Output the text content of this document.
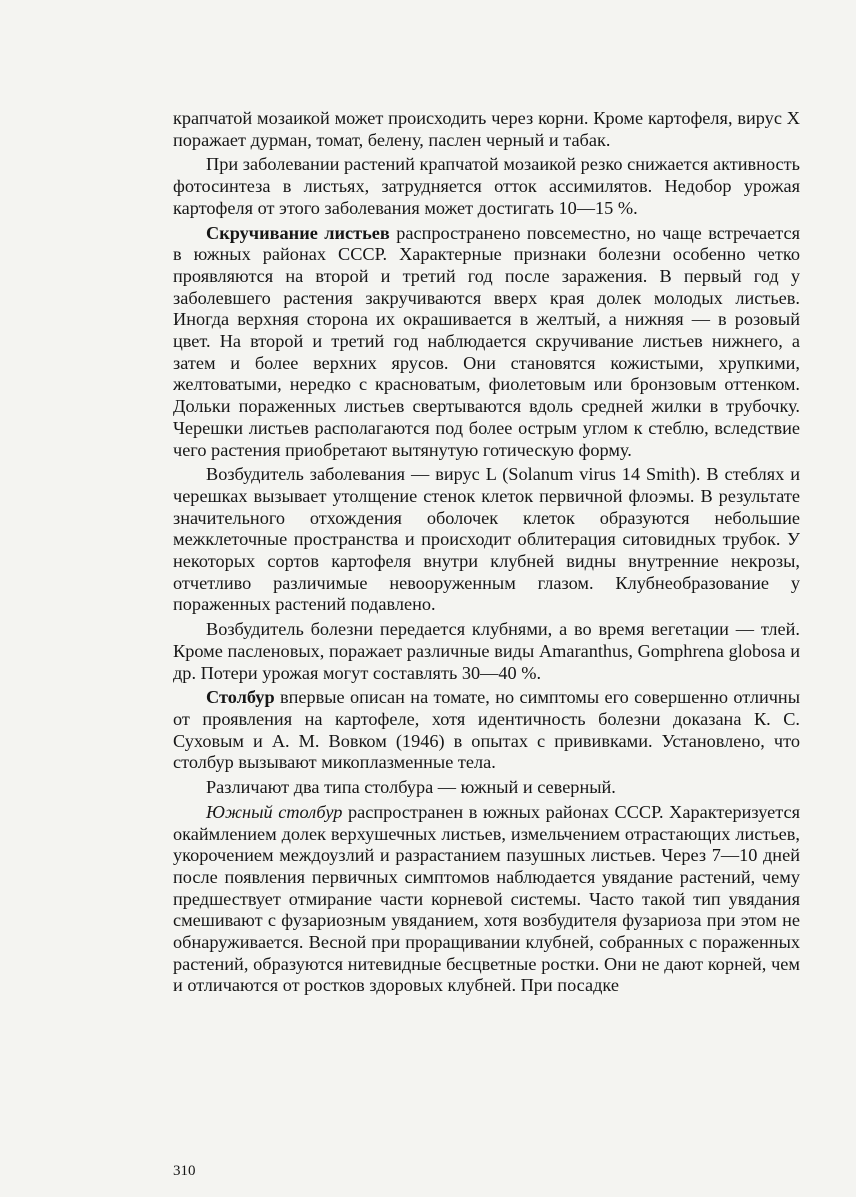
крапчатой мозаикой может происходить через корни. Кроме картофеля, вирус X поражает дурман, томат, белену, паслен черный и табак.

При заболевании растений крапчатой мозаикой резко снижается активность фотосинтеза в листьях, затрудняется отток ассимилятов. Недобор урожая картофеля от этого заболевания может достигать 10—15 %.

Скручивание листьев распространено повсеместно, но чаще встречается в южных районах СССР. Характерные признаки болезни особенно четко проявляются на второй и третий год после заражения. В первый год у заболевшего растения закручиваются вверх края долек молодых листьев. Иногда верхняя сторона их окрашивается в желтый, а нижняя — в розовый цвет. На второй и третий год наблюдается скручивание листьев нижнего, а затем и более верхних ярусов. Они становятся кожистыми, хрупкими, желтоватыми, нередко с красноватым, фиолетовым или бронзовым оттенком. Дольки пораженных листьев свертываются вдоль средней жилки в трубочку. Черешки листьев располагаются под более острым углом к стеблю, вследствие чего растения приобретают вытянутую готическую форму.

Возбудитель заболевания — вирус L (Solanum virus 14 Smith). В стеблях и черешках вызывает утолщение стенок клеток первичной флоэмы. В результате значительного отхождения оболочек клеток образуются небольшие межклеточные пространства и происходит облитерация ситовидных трубок. У некоторых сортов картофеля внутри клубней видны внутренние некрозы, отчетливо различимые невооруженным глазом. Клубнеобразование у пораженных растений подавлено.

Возбудитель болезни передается клубнями, а во время вегетации — тлей. Кроме пасленовых, поражает различные виды Amaranthus, Gomphrena globosa и др. Потери урожая могут составлять 30—40 %.

Столбур впервые описан на томате, но симптомы его совершенно отличны от проявления на картофеле, хотя идентичность болезни доказана К. С. Суховым и А. М. Вовком (1946) в опытах с прививками. Установлено, что столбур вызывают микоплазменные тела.

Различают два типа столбура — южный и северный.

Южный столбур распространен в южных районах СССР. Характеризуется окаймлением долек верхушечных листьев, измельчением отрастающих листьев, укорочением междоузлий и разрастанием пазушных листьев. Через 7—10 дней после появления первичных симптомов наблюдается увядание растений, чему предшествует отмирание части корневой системы. Часто такой тип увядания смешивают с фузариозным увяданием, хотя возбудителя фузариоза при этом не обнаруживается. Весной при проращивании клубней, собранных с пораженных растений, образуются нитевидные бесцветные ростки. Они не дают корней, чем и отличаются от ростков здоровых клубней. При посадке

310
